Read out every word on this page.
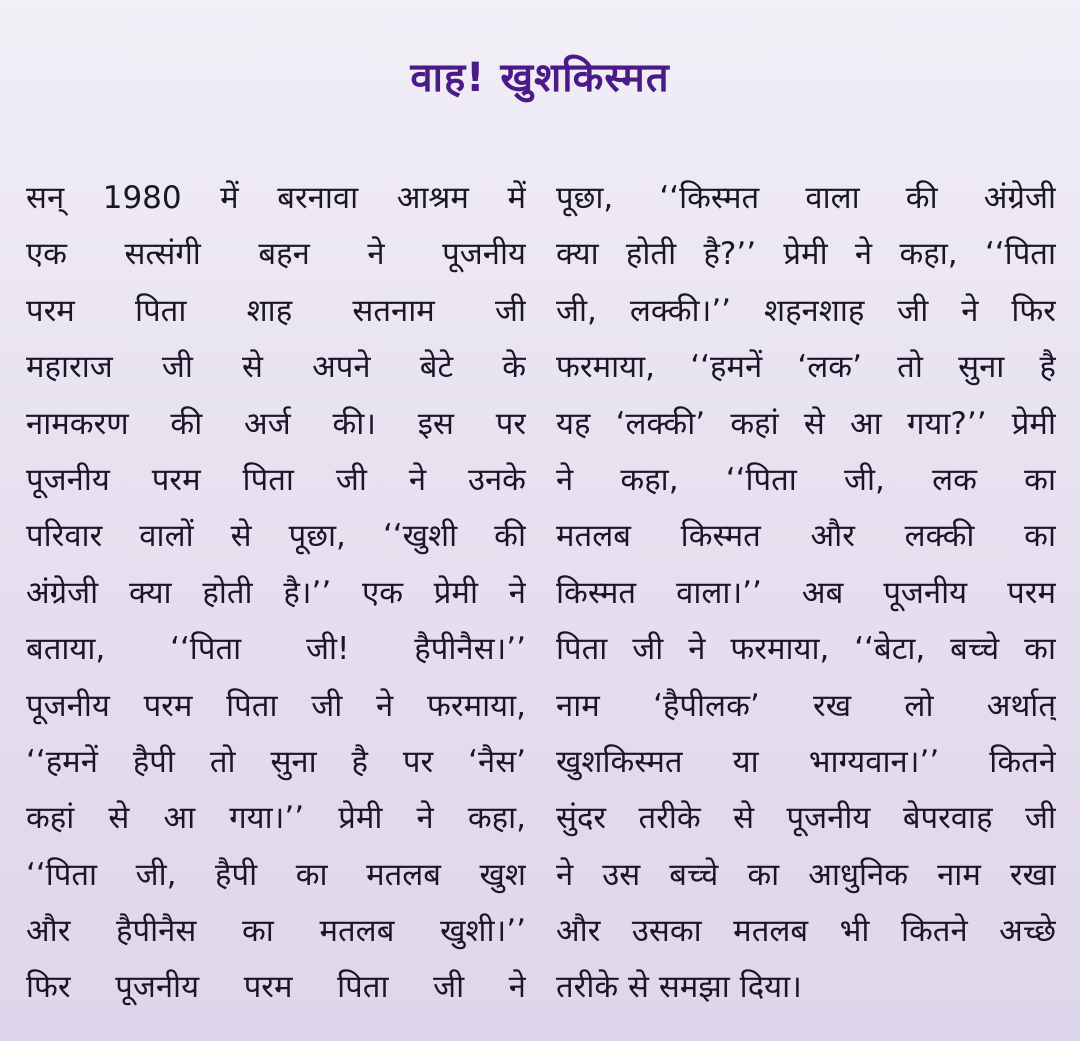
वाह! खुशकिस्मत
सन् 1980 में बरनावा आश्रम में
एक सत्संगी बहन ने पूजनीय
परम पिता शाह सतनाम जी
महाराज जी से अपने बेटे के
नामकरण की अर्ज की। इस पर
पूजनीय परम पिता जी ने उनके
परिवार वालों से पूछा, ‘‘खुशी की
अंग्रेजी क्या होती है।’’ एक प्रेमी ने
बताया, ‘‘पिता जी! हैपीनैस।’’
पूजनीय परम पिता जी ने फरमाया,
‘‘हमनें हैपी तो सुना है पर ‘नैस’
कहां से आ गया।’’ प्रेमी ने कहा,
‘‘पिता जी, हैपी का मतलब खुश
और हैपीनैस का मतलब खुशी।’’
फिर पूजनीय परम पिता जी ने
पूछा, ‘‘किस्मत वाला की अंग्रेजी
क्या होती है?’’ प्रेमी ने कहा, ‘‘पिता
जी, लक्की।’’ शहनशाह जी ने फिर
फरमाया, ‘‘हमनें ‘लक’ तो सुना है
यह ‘लक्की’ कहां से आ गया?’’ प्रेमी
ने कहा, ‘‘पिता जी, लक का
मतलब किस्मत और लक्की का
किस्मत वाला।’’ अब पूजनीय परम
पिता जी ने फरमाया, ‘‘बेटा, बच्चे का
नाम ‘हैपीलक’ रख लो अर्थात्
खुशकिस्मत या भाग्यवान।’’ कितने
सुंदर तरीके से पूजनीय बेपरवाह जी
ने उस बच्चे का आधुनिक नाम रखा
और उसका मतलब भी कितने अच्छे
तरीके से समझा दिया।
